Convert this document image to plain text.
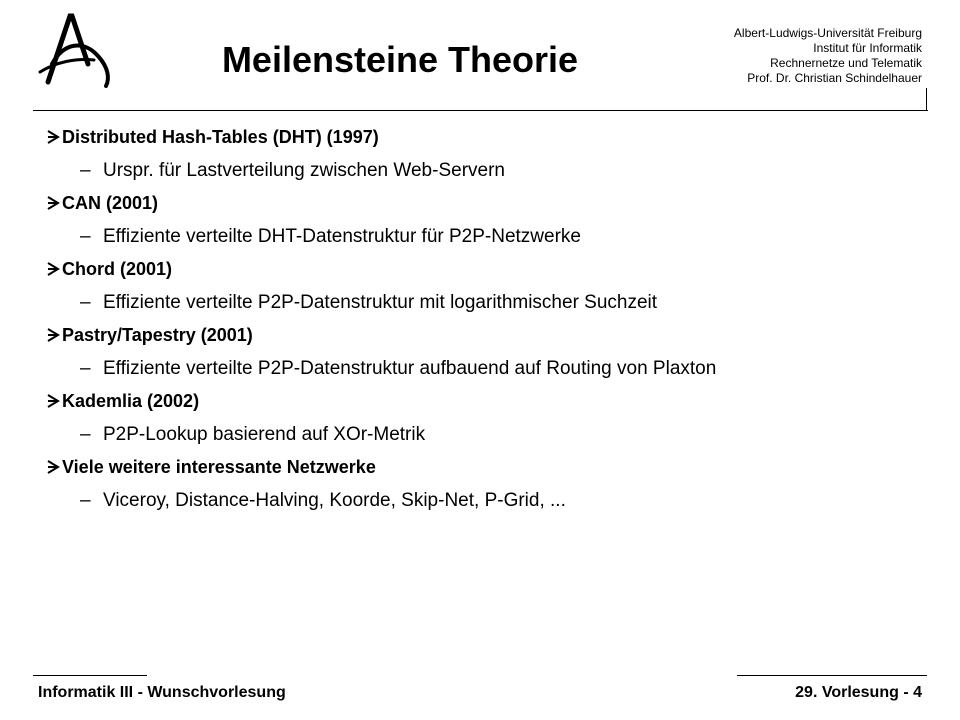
Meilensteine Theorie
Albert-Ludwigs-Universität Freiburg
Institut für Informatik
Rechnernetze und Telematik
Prof. Dr. Christian Schindelhauer
Distributed Hash-Tables (DHT) (1997)
– Urspr. für Lastverteilung zwischen Web-Servern
CAN (2001)
– Effiziente verteilte DHT-Datenstruktur für P2P-Netzwerke
Chord (2001)
– Effiziente verteilte P2P-Datenstruktur mit logarithmischer Suchzeit
Pastry/Tapestry (2001)
– Effiziente verteilte P2P-Datenstruktur aufbauend auf Routing von Plaxton
Kademlia (2002)
– P2P-Lookup basierend auf XOr-Metrik
Viele weitere interessante Netzwerke
– Viceroy, Distance-Halving, Koorde, Skip-Net, P-Grid, ...
Informatik III - Wunschvorlesung	29. Vorlesung - 4
